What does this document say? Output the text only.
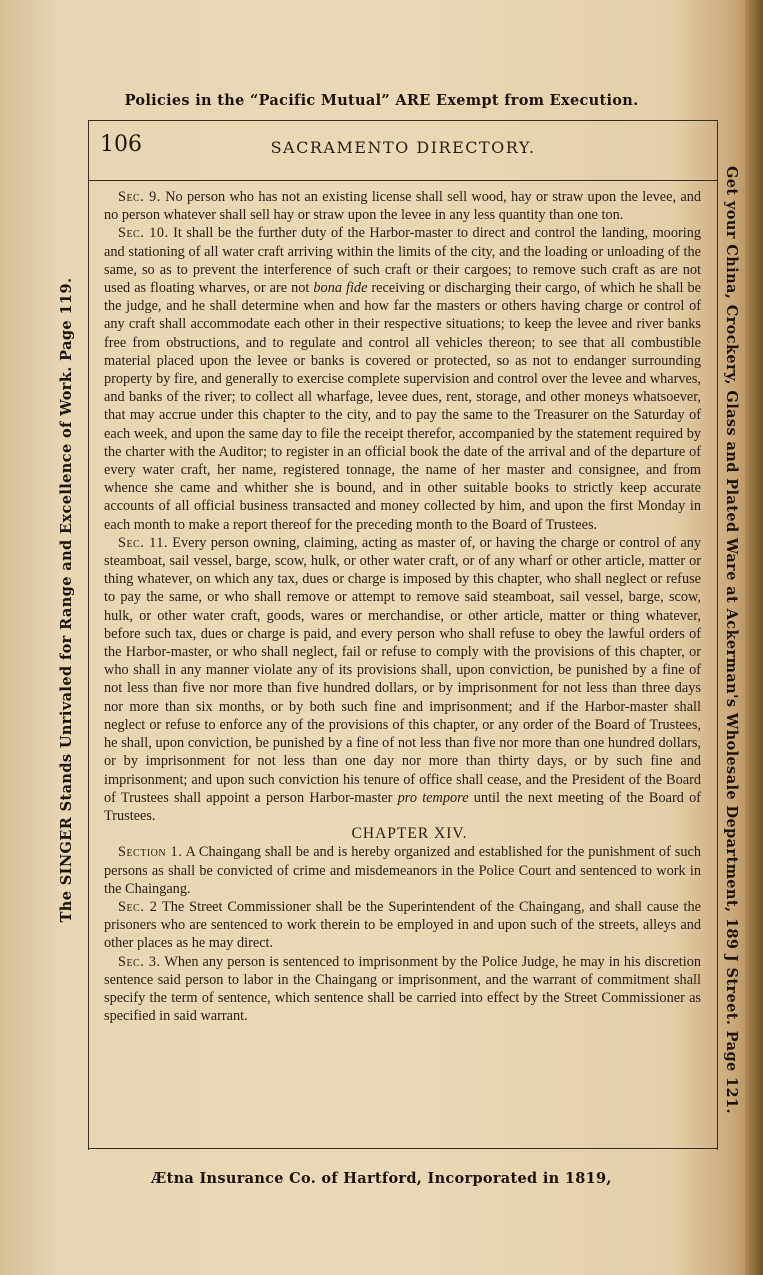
Policies in the “Pacific Mutual” ARE Exempt from Execution.
The SINGER Stands Unrivaled for Range and Excellence of Work. Page 119.	Get your China, Crockery, Glass and Plated Ware at Ackerman's Wholesale Department, 189 J Street. Page 121.
106	SACRAMENTO DIRECTORY.

Sec. 9. No person who has not an existing license shall sell wood, hay or straw upon the levee, and no person whatever shall sell hay or straw upon the levee in any less quantity than one ton.

Sec. 10. It shall be the further duty of the Harbor-master to direct and control the landing, mooring and stationing of all water craft arriving within the limits of the city, and the loading or unloading of the same, so as to prevent the interference of such craft or their cargoes; to remove such craft as are not used as floating wharves, or are not bona fide receiving or discharging their cargo, of which he shall be the judge, and he shall determine when and how far the masters or others having charge or control of any craft shall accommodate each other in their respective situations; to keep the levee and river banks free from obstructions, and to regulate and control all vehicles thereon; to see that all combustible material placed upon the levee or banks is covered or protected, so as not to endanger surrounding property by fire, and generally to exercise complete supervision and control over the levee and wharves, and banks of the river; to collect all wharfage, levee dues, rent, storage, and other moneys whatsoever, that may accrue under this chapter to the city, and to pay the same to the Treasurer on the Saturday of each week, and upon the same day to file the receipt therefor, accompanied by the statement required by the charter with the Auditor; to register in an official book the date of the arrival and of the departure of every water craft, her name, registered tonnage, the name of her master and consignee, and from whence she came and whither she is bound, and in other suitable books to strictly keep accurate accounts of all official business transacted and money collected by him, and upon the first Monday in each month to make a report thereof for the preceding month to the Board of Trustees.

Sec. 11. Every person owning, claiming, acting as master of, or having the charge or control of any steamboat, sail vessel, barge, scow, hulk, or other water craft, or of any wharf or other article, matter or thing whatever, on which any tax, dues or charge is imposed by this chapter, who shall neglect or refuse to pay the same, or who shall remove or attempt to remove said steamboat, sail vessel, barge, scow, hulk, or other water craft, goods, wares or merchandise, or other article, matter or thing whatever, before such tax, dues or charge is paid, and every person who shall refuse to obey the lawful orders of the Harbor-master, or who shall neglect, fail or refuse to comply with the provisions of this chapter, or who shall in any manner violate any of its provisions shall, upon conviction, be punished by a fine of not less than five nor more than five hundred dollars, or by imprisonment for not less than three days nor more than six months, or by both such fine and imprisonment; and if the Harbor-master shall neglect or refuse to enforce any of the provisions of this chapter, or any order of the Board of Trustees, he shall, upon conviction, be punished by a fine of not less than five nor more than one hundred dollars, or by imprisonment for not less than one day nor more than thirty days, or by such fine and imprisonment; and upon such conviction his tenure of office shall cease, and the President of the Board of Trustees shall appoint a person Harbor-master pro tempore until the next meeting of the Board of Trustees.

CHAPTER XIV.

Section 1. A Chaingang shall be and is hereby organized and established for the punishment of such persons as shall be convicted of crime and misdemeanors in the Police Court and sentenced to work in the Chaingang.

Sec. 2 The Street Commissioner shall be the Superintendent of the Chaingang, and shall cause the prisoners who are sentenced to work therein to be employed in and upon such of the streets, alleys and other places as he may direct.

Sec. 3. When any person is sentenced to imprisonment by the Police Judge, he may in his discretion sentence said person to labor in the Chaingang or imprisonment, and the warrant of commitment shall specify the term of sentence, which sentence shall be carried into effect by the Street Commissioner as specified in said warrant.

Ætna Insurance Co. of Hartford, Incorporated in 1819,
